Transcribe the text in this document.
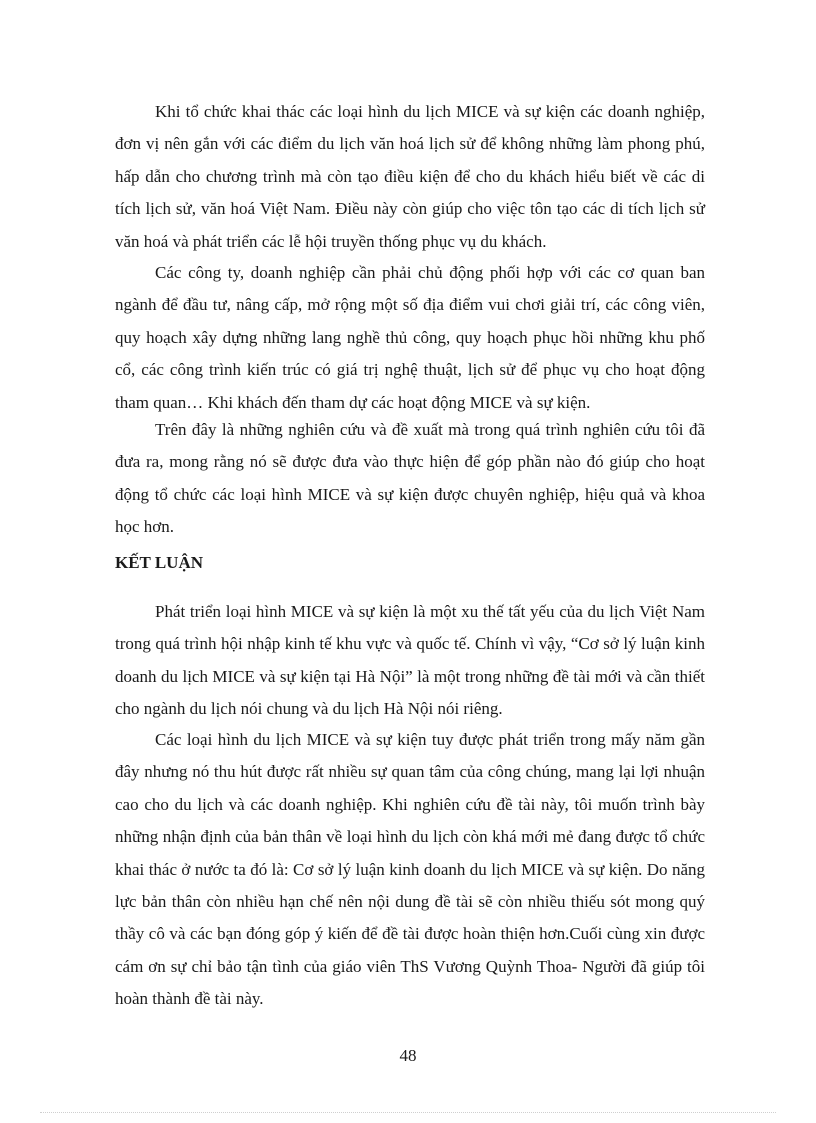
Khi tổ chức khai thác các loại hình du lịch MICE và sự kiện các doanh nghiệp, đơn vị nên gắn với các điểm du lịch văn hoá lịch sử để không những làm phong phú, hấp dẫn cho chương trình mà còn tạo điều kiện để cho du khách hiểu biết về các di tích lịch sử, văn hoá Việt Nam. Điều này còn giúp cho việc tôn tạo các di tích lịch sử văn hoá và phát triển các lễ hội truyền thống phục vụ du khách.

Các công ty, doanh nghiệp cần phải chủ động phối hợp với các cơ quan ban ngành để đầu tư, nâng cấp, mở rộng một số địa điểm vui chơi giải trí, các công viên, quy hoạch xây dựng những lang nghề thủ công, quy hoạch phục hồi những khu phố cổ, các công trình kiến trúc có giá trị nghệ thuật, lịch sử để phục vụ cho hoạt động tham quan… Khi khách đến tham dự các hoạt động MICE và sự kiện.

Trên đây là những nghiên cứu và đề xuất mà trong quá trình nghiên cứu tôi đã đưa ra, mong rằng nó sẽ được đưa vào thực hiện để góp phần nào đó giúp cho hoạt động tổ chức các loại hình MICE và sự kiện được chuyên nghiệp, hiệu quả và khoa học hơn.

KẾT LUẬN

Phát triển loại hình MICE và sự kiện là một xu thế tất yếu của du lịch Việt Nam trong quá trình hội nhập kinh tế khu vực và quốc tế. Chính vì vậy, “Cơ sở lý luận kinh doanh du lịch MICE và sự kiện tại Hà Nội” là một trong những đề tài mới và cần thiết cho ngành du lịch nói chung và du lịch Hà Nội nói riêng.

Các loại hình du lịch MICE và sự kiện tuy được phát triển trong mấy năm gần đây nhưng nó thu hút được rất nhiều sự quan tâm của công chúng, mang lại lợi nhuận cao cho du lịch và các doanh nghiệp. Khi nghiên cứu đề tài này, tôi muốn trình bày những nhận định của bản thân về loại hình du lịch còn khá mới mẻ đang được tổ chức khai thác ở nước ta đó là: Cơ sở lý luận kinh doanh du lịch MICE và sự kiện. Do năng lực bản thân còn nhiều hạn chế nên nội dung đề tài sẽ còn nhiều thiếu sót mong quý thầy cô và các bạn đóng góp ý kiến để đề tài được hoàn thiện hơn.Cuối cùng xin được cám ơn sự chỉ bảo tận tình của giáo viên ThS Vương Quỳnh Thoa- Người đã giúp tôi hoàn thành đề tài này.

48
